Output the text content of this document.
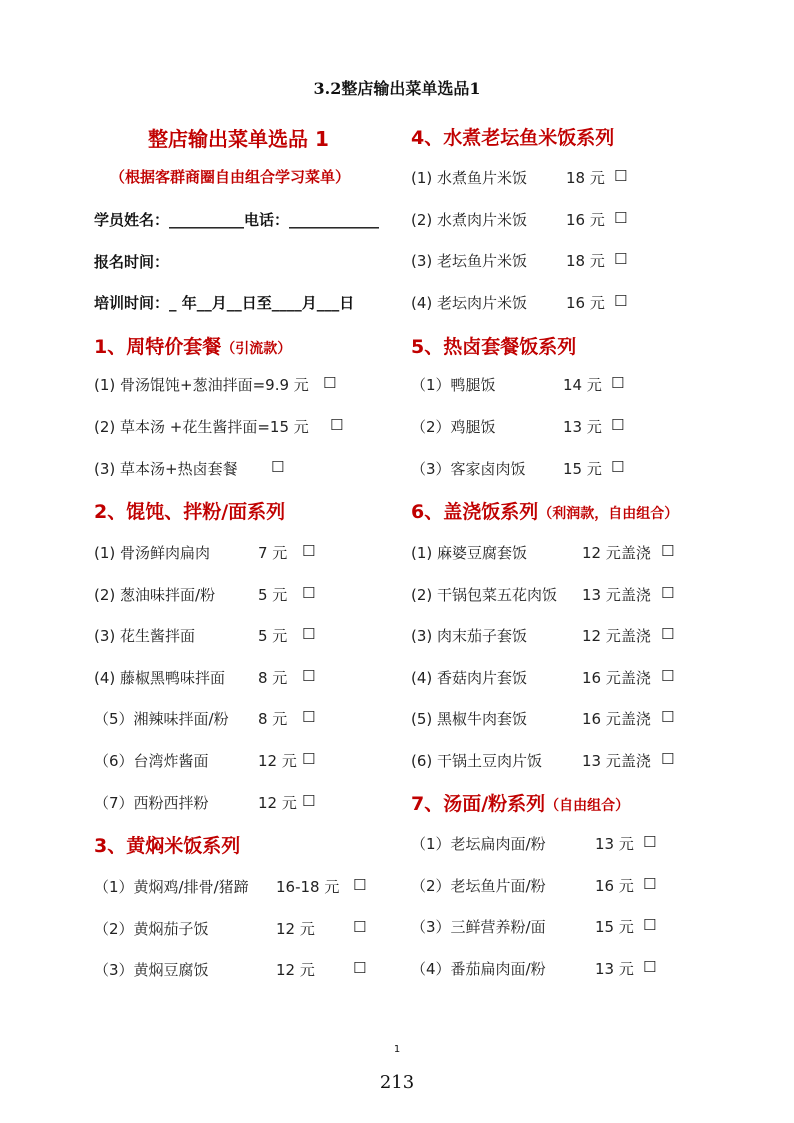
3.2整店输出菜单选品1
整店输出菜单选品 1
（根据客群商圈自由组合学习菜单）
学员姓名：__________电话：____________
报名时间：
培训时间：_ 年__月__日至____月___日
1、周特价套餐（引流款）
(1) 骨汤馄饨+葱油拌面=9.9 元 ☐
(2) 草本汤 +花生酱拌面=15 元 ☐
(3) 草本汤+热卤套餐 ☐
2、馄饨、拌粉/面系列
(1) 骨汤鲜肉扁肉	7 元 ☐
(2) 葱油味拌面/粉	5 元 ☐
(3) 花生酱拌面	5 元 ☐
(4) 藤椒黑鸭味拌面 8 元 ☐
（5）湘辣味拌面/粉 8 元 ☐
（6）台湾炸酱面	12 元 ☐
（7）西粉西拌粉	12 元 ☐
3、黄焖米饭系列
（1）黄焖鸡/排骨/猪蹄 16-18 元 ☐
（2）黄焖茄子饭	12 元	☐
（3）黄焖豆腐饭	12 元	☐
4、水煮老坛鱼米饭系列
(1) 水煮鱼片米饭	18 元 ☐
(2) 水煮肉片米饭	16 元 ☐
(3) 老坛鱼片米饭	18 元 ☐
(4) 老坛肉片米饭	16 元 ☐
5、热卤套餐饭系列
（1）鸭腿饭	14 元 ☐
（2）鸡腿饭	13 元 ☐
（3）客家卤肉饭 15 元 ☐
6、盖浇饭系列（利润款，自由组合）
(1) 麻婆豆腐套饭	12 元盖浇 ☐
(2) 干锅包菜五花肉饭 13 元盖浇 ☐
(3) 肉末茄子套饭	12 元盖浇 ☐
(4) 香菇肉片套饭	16 元盖浇 ☐
(5) 黑椒牛肉套饭	16 元盖浇 ☐
(6) 干锅土豆肉片饭	13 元盖浇 ☐
7、汤面/粉系列（自由组合）
（1）老坛扁肉面/粉	13 元 ☐
（2）老坛鱼片面/粉	16 元 ☐
（3）三鲜营养粉/面	15 元 ☐
（4）番茄扁肉面/粉	13 元 ☐
1
213
